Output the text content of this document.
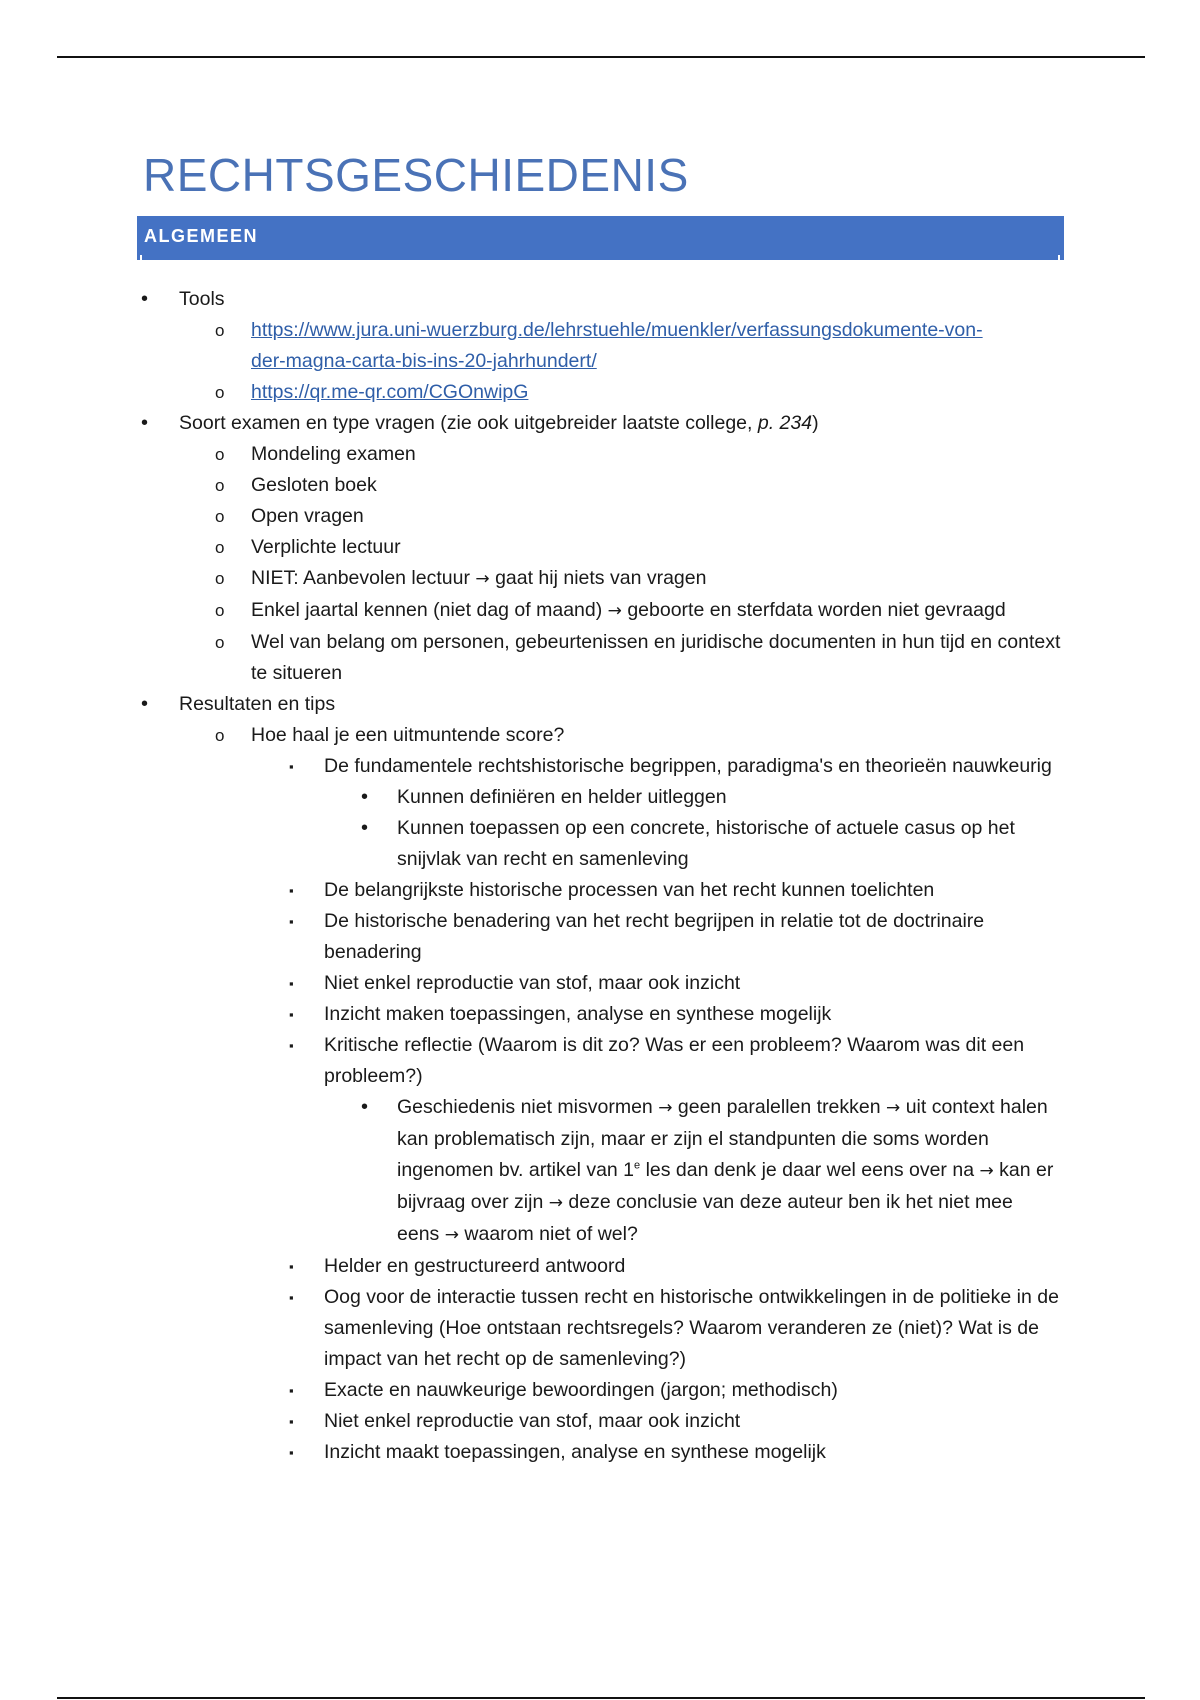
RECHTSGESCHIEDENIS
ALGEMEEN
• Tools
o https://www.jura.uni-wuerzburg.de/lehrstuehle/muenkler/verfassungsdokumente-von-
der-magna-carta-bis-ins-20-jahrhundert/
o https://qr.me-qr.com/CGOnwipG
• Soort examen en type vragen (zie ook uitgebreider laatste college, p. 234)
o Mondeling examen
o Gesloten boek
o Open vragen
o Verplichte lectuur
o NIET: Aanbevolen lectuur → gaat hij niets van vragen
o Enkel jaartal kennen (niet dag of maand) → geboorte en sterfdata worden niet gevraagd
o Wel van belang om personen, gebeurtenissen en juridische documenten in hun tijd en context te situeren
• Resultaten en tips
o Hoe haal je een uitmuntende score?
▪ De fundamentele rechtshistorische begrippen, paradigma's en theorieën nauwkeurig
• Kunnen definiëren en helder uitleggen
• Kunnen toepassen op een concrete, historische of actuele casus op het snijvlak van recht en samenleving
▪ De belangrijkste historische processen van het recht kunnen toelichten
▪ De historische benadering van het recht begrijpen in relatie tot de doctrinaire benadering
▪ Niet enkel reproductie van stof, maar ook inzicht
▪ Inzicht maken toepassingen, analyse en synthese mogelijk
▪ Kritische reflectie (Waarom is dit zo? Was er een probleem? Waarom was dit een probleem?)
• Geschiedenis niet misvormen → geen paralellen trekken → uit context halen kan problematisch zijn, maar er zijn el standpunten die soms worden ingenomen bv. artikel van 1e les dan denk je daar wel eens over na → kan er bijvraag over zijn → deze conclusie van deze auteur ben ik het niet mee eens → waarom niet of wel?
▪ Helder en gestructureerd antwoord
▪ Oog voor de interactie tussen recht en historische ontwikkelingen in de politieke in de samenleving (Hoe ontstaan rechtsregels? Waarom veranderen ze (niet)? Wat is de impact van het recht op de samenleving?)
▪ Exacte en nauwkeurige bewoordingen (jargon; methodisch)
▪ Niet enkel reproductie van stof, maar ook inzicht
▪ Inzicht maakt toepassingen, analyse en synthese mogelijk
